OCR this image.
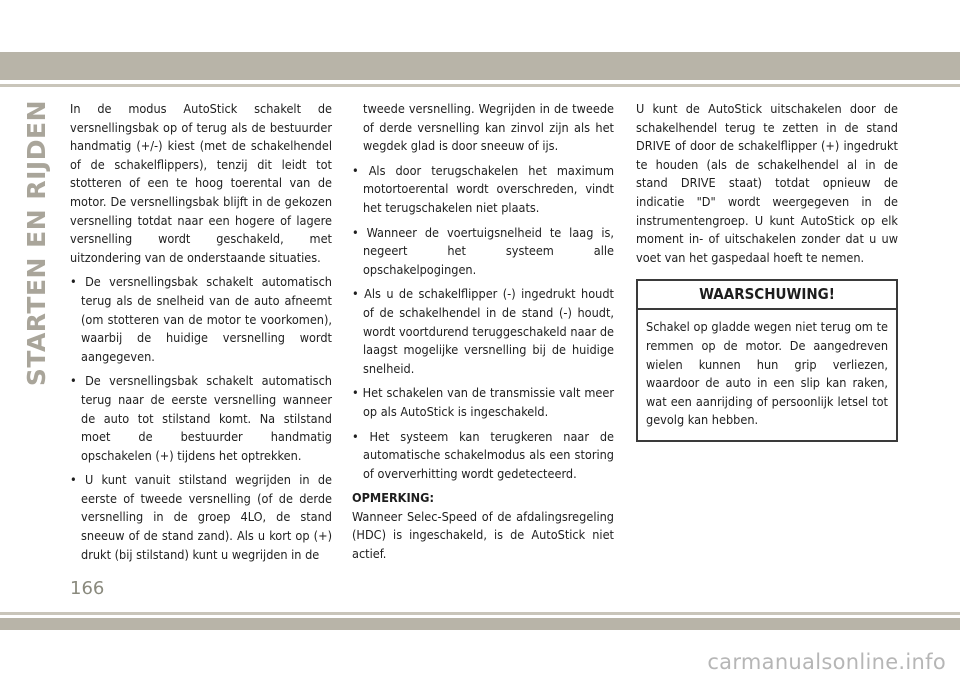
STARTEN EN RIJDEN In de modus AutoStick schakelt de versnellingsbak op of terug als de bestuurder handmatig (+/-) kiest (met de schakelhendel of de schakelflippers), tenzij dit leidt tot stotteren of een te hoog toerental van de motor. De versnellingsbak blijft in de gekozen versnelling totdat naar een hogere of lagere versnelling wordt geschakeld, met uitzondering van de onderstaande situaties.

• De versnellingsbak schakelt automatisch terug als de snelheid van de auto afneemt (om stotteren van de motor te voorkomen), waarbij de huidige versnelling wordt aangegeven.

• De versnellingsbak schakelt automatisch terug naar de eerste versnelling wanneer de auto tot stilstand komt. Na stilstand moet de bestuurder handmatig opschakelen (+) tijdens het optrekken.

• U kunt vanuit stilstand wegrijden in de eerste of tweede versnelling (of de derde versnelling in de groep 4LO, de stand sneeuw of de stand zand). Als u kort op (+) drukt (bij stilstand) kunt u wegrijden in de

tweede versnelling. Wegrijden in de tweede of derde versnelling kan zinvol zijn als het wegdek glad is door sneeuw of ijs.

• Als door terugschakelen het maximum motortoerental wordt overschreden, vindt het terugschakelen niet plaats.

• Wanneer de voertuigsnelheid te laag is, negeert het systeem alle opschakelpogingen.

• Als u de schakelflipper (-) ingedrukt houdt of de schakelhendel in de stand (-) houdt, wordt voortdurend teruggeschakeld naar de laagst mogelijke versnelling bij de huidige snelheid.

• Het schakelen van de transmissie valt meer op als AutoStick is ingeschakeld.

• Het systeem kan terugkeren naar de automatische schakelmodus als een storing of oververhitting wordt gedetecteerd.

OPMERKING:

Wanneer Selec-Speed of de afdalingsregeling (HDC) is ingeschakeld, is de AutoStick niet actief.

U kunt de AutoStick uitschakelen door de schakelhendel terug te zetten in de stand DRIVE of door de schakelflipper (+) ingedrukt te houden (als de schakelhendel al in de stand DRIVE staat) totdat opnieuw de indicatie "D" wordt weergegeven in de instrumentengroep. U kunt AutoStick op elk moment in- of uitschakelen zonder dat u uw voet van het gaspedaal hoeft te nemen.

WAARSCHUWING!
Schakel op gladde wegen niet terug om te remmen op de motor. De aangedreven wielen kunnen hun grip verliezen, waardoor de auto in een slip kan raken, wat een aanrijding of persoonlijk letsel tot gevolg kan hebben.
166
carmanualsonline.info
